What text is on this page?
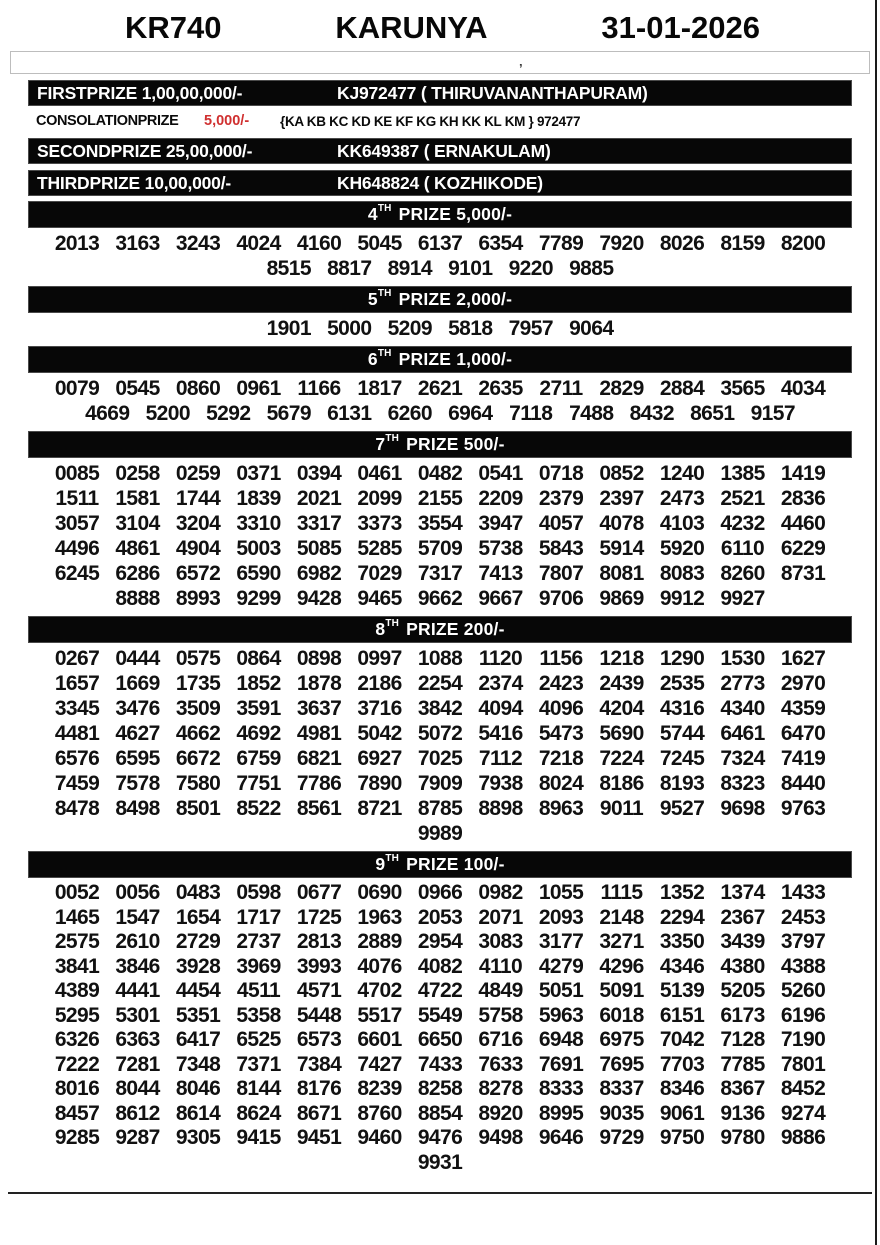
KR740	KARUNYA	31-01-2026
’
FIRSTPRIZE 1,00,00,000/-	KJ972477 ( THIRUVANANTHAPURAM)
CONSOLATIONPRIZE	5,000/-	{KA KB KC KD KE KF KG KH KK KL KM } 972477
SECONDPRIZE 25,00,000/-	KK649387 ( ERNAKULAM)
THIRDPRIZE 10,00,000/-	KH648824 ( KOZHIKODE)
4TH PRIZE 5,000/-
2013 3163 3243 4024 4160 5045 6137 6354 7789 7920 8026 8159 8200
8515 8817 8914 9101 9220 9885
5TH PRIZE 2,000/-
1901 5000 5209 5818 7957 9064
6TH PRIZE 1,000/-
0079 0545 0860 0961 1166 1817 2621 2635 2711 2829 2884 3565 4034
4669 5200 5292 5679 6131 6260 6964 7118 7488 8432 8651 9157
7TH PRIZE 500/-
0085 0258 0259 0371 0394 0461 0482 0541 0718 0852 1240 1385 1419
1511 1581 1744 1839 2021 2099 2155 2209 2379 2397 2473 2521 2836
3057 3104 3204 3310 3317 3373 3554 3947 4057 4078 4103 4232 4460
4496 4861 4904 5003 5085 5285 5709 5738 5843 5914 5920 6110 6229
6245 6286 6572 6590 6982 7029 7317 7413 7807 8081 8083 8260 8731
8888 8993 9299 9428 9465 9662 9667 9706 9869 9912 9927
8TH PRIZE 200/-
0267 0444 0575 0864 0898 0997 1088 1120 1156 1218 1290 1530 1627
1657 1669 1735 1852 1878 2186 2254 2374 2423 2439 2535 2773 2970
3345 3476 3509 3591 3637 3716 3842 4094 4096 4204 4316 4340 4359
4481 4627 4662 4692 4981 5042 5072 5416 5473 5690 5744 6461 6470
6576 6595 6672 6759 6821 6927 7025 7112 7218 7224 7245 7324 7419
7459 7578 7580 7751 7786 7890 7909 7938 8024 8186 8193 8323 8440
8478 8498 8501 8522 8561 8721 8785 8898 8963 9011 9527 9698 9763
9989
9TH PRIZE 100/-
0052 0056 0483 0598 0677 0690 0966 0982 1055 1115 1352 1374 1433
1465 1547 1654 1717 1725 1963 2053 2071 2093 2148 2294 2367 2453
2575 2610 2729 2737 2813 2889 2954 3083 3177 3271 3350 3439 3797
3841 3846 3928 3969 3993 4076 4082 4110 4279 4296 4346 4380 4388
4389 4441 4454 4511 4571 4702 4722 4849 5051 5091 5139 5205 5260
5295 5301 5351 5358 5448 5517 5549 5758 5963 6018 6151 6173 6196
6326 6363 6417 6525 6573 6601 6650 6716 6948 6975 7042 7128 7190
7222 7281 7348 7371 7384 7427 7433 7633 7691 7695 7703 7785 7801
8016 8044 8046 8144 8176 8239 8258 8278 8333 8337 8346 8367 8452
8457 8612 8614 8624 8671 8760 8854 8920 8995 9035 9061 9136 9274
9285 9287 9305 9415 9451 9460 9476 9498 9646 9729 9750 9780 9886
9931
